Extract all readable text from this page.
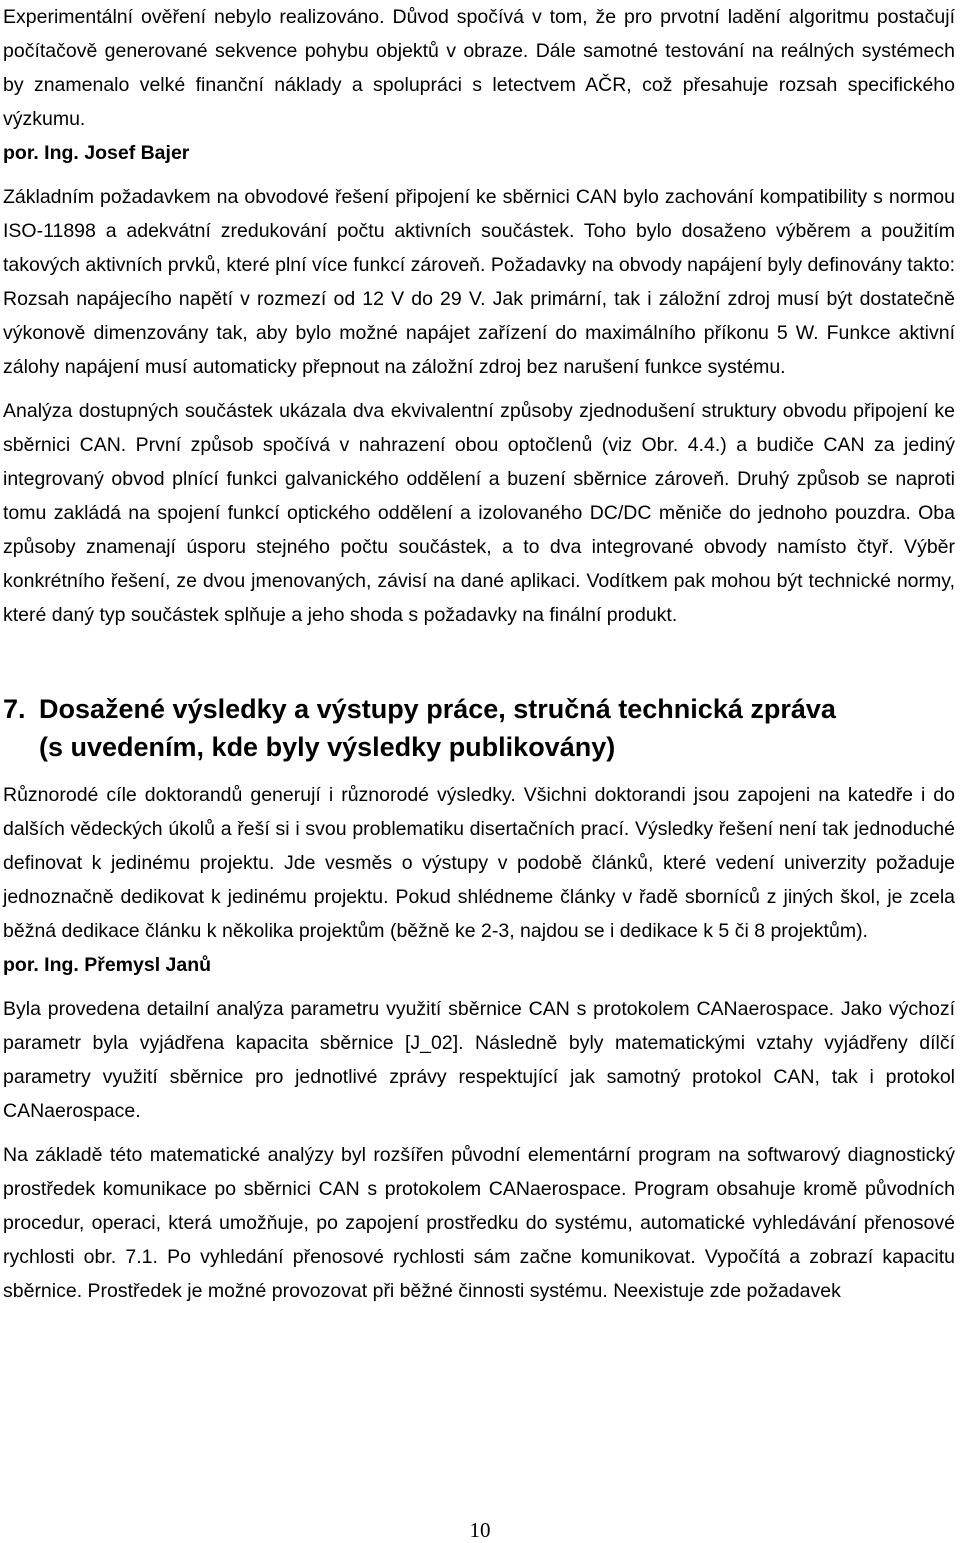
Experimentální ověření nebylo realizováno. Důvod spočívá v tom, že pro prvotní ladění algoritmu postačují počítačově generované sekvence pohybu objektů v obraze. Dále samotné testování na reálných systémech by znamenalo velké finanční náklady a spolupráci s letectvem AČR, což přesahuje rozsah specifického výzkumu.

por. Ing. Josef Bajer

Základním požadavkem na obvodové řešení připojení ke sběrnici CAN bylo zachování kompatibility s normou ISO-11898 a adekvátní zredukování počtu aktivních součástek. Toho bylo dosaženo výběrem a použitím takových aktivních prvků, které plní více funkcí zároveň. Požadavky na obvody napájení byly definovány takto: Rozsah napájecího napětí v rozmezí od 12 V do 29 V. Jak primární, tak i záložní zdroj musí být dostatečně výkonově dimenzovány tak, aby bylo možné napájet zařízení do maximálního příkonu 5 W. Funkce aktivní zálohy napájení musí automaticky přepnout na záložní zdroj bez narušení funkce systému.

Analýza dostupných součástek ukázala dva ekvivalentní způsoby zjednodušení struktury obvodu připojení ke sběrnici CAN. První způsob spočívá v nahrazení obou optočlenů (viz Obr. 4.4.) a budiče CAN za jediný integrovaný obvod plnící funkci galvanického oddělení a buzení sběrnice zároveň. Druhý způsob se naproti tomu zakládá na spojení funkcí optického oddělení a izolovaného DC/DC měniče do jednoho pouzdra. Oba způsoby znamenají úsporu stejného počtu součástek, a to dva integrované obvody namísto čtyř. Výběr konkrétního řešení, ze dvou jmenovaných, závisí na dané aplikaci. Vodítkem pak mohou být technické normy, které daný typ součástek splňuje a jeho shoda s požadavky na finální produkt.

7. Dosažené výsledky a výstupy práce, stručná technická zpráva
(s uvedením, kde byly výsledky publikovány)

Různorodé cíle doktorandů generují i různorodé výsledky. Všichni doktorandi jsou zapojeni na katedře i do dalších vědeckých úkolů a řeší si i svou problematiku disertačních prací. Výsledky řešení není tak jednoduché definovat k jedinému projektu. Jde vesměs o výstupy v podobě článků, které vedení univerzity požaduje jednoznačně dedikovat k jedinému projektu. Pokud shlédneme články v řadě sborníců z jiných škol, je zcela běžná dedikace článku k několika projektům (běžně ke 2-3, najdou se i dedikace k 5 či 8 projektům).

por. Ing. Přemysl Janů

Byla provedena detailní analýza parametru využití sběrnice CAN s protokolem CANaerospace. Jako výchozí parametr byla vyjádřena kapacita sběrnice [J_02]. Následně byly matematickými vztahy vyjádřeny dílčí parametry využití sběrnice pro jednotlivé zprávy respektující jak samotný protokol CAN, tak i protokol CANaerospace.

Na základě této matematické analýzy byl rozšířen původní elementární program na softwarový diagnostický prostředek komunikace po sběrnici CAN s protokolem CANaerospace. Program obsahuje kromě původních procedur, operaci, která umožňuje, po zapojení prostředku do systému, automatické vyhledávání přenosové rychlosti obr. 7.1. Po vyhledání přenosové rychlosti sám začne komunikovat. Vypočítá a zobrazí kapacitu sběrnice. Prostředek je možné provozovat při běžné činnosti systému. Neexistuje zde požadavek

10
